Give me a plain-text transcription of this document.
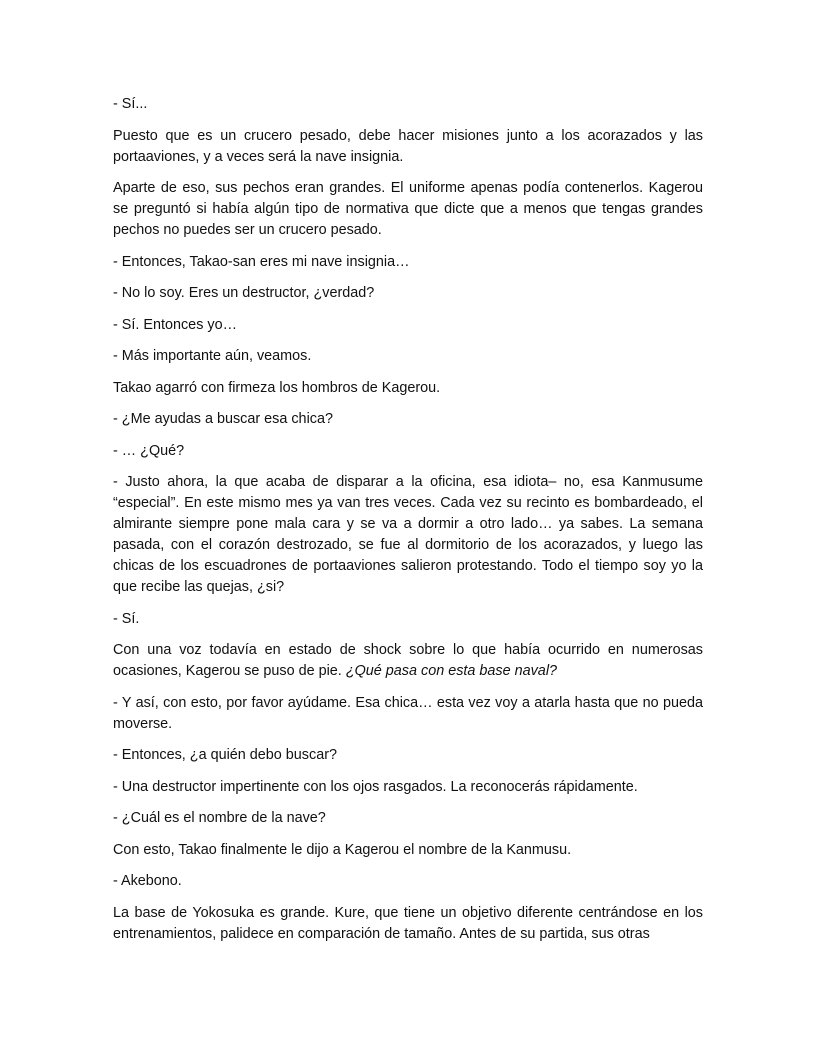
- Sí...

Puesto que es un crucero pesado, debe hacer misiones junto a los acorazados y las portaaviones, y a veces será la nave insignia.

Aparte de eso, sus pechos eran grandes. El uniforme apenas podía contenerlos. Kagerou se preguntó si había algún tipo de normativa que dicte que a menos que tengas grandes pechos no puedes ser un crucero pesado.

- Entonces, Takao-san eres mi nave insignia…

- No lo soy. Eres un destructor, ¿verdad?

- Sí. Entonces yo…

- Más importante aún, veamos.

Takao agarró con firmeza los hombros de Kagerou.

- ¿Me ayudas a buscar esa chica?

- … ¿Qué?

- Justo ahora, la que acaba de disparar a la oficina, esa idiota– no, esa Kanmusume “especial”. En este mismo mes ya van tres veces. Cada vez su recinto es bombardeado, el almirante siempre pone mala cara y se va a dormir a otro lado… ya sabes. La semana pasada, con el corazón destrozado, se fue al dormitorio de los acorazados, y luego las chicas de los escuadrones de portaaviones salieron protestando. Todo el tiempo soy yo la que recibe las quejas, ¿si?

- Sí.

Con una voz todavía en estado de shock sobre lo que había ocurrido en numerosas ocasiones, Kagerou se puso de pie. ¿Qué pasa con esta base naval?

- Y así, con esto, por favor ayúdame. Esa chica… esta vez voy a atarla hasta que no pueda moverse.

- Entonces, ¿a quién debo buscar?

- Una destructor impertinente con los ojos rasgados. La reconocerás rápidamente.

- ¿Cuál es el nombre de la nave?

Con esto, Takao finalmente le dijo a Kagerou el nombre de la Kanmusu.

- Akebono.

La base de Yokosuka es grande. Kure, que tiene un objetivo diferente centrándose en los entrenamientos, palidece en comparación de tamaño. Antes de su partida, sus otras
